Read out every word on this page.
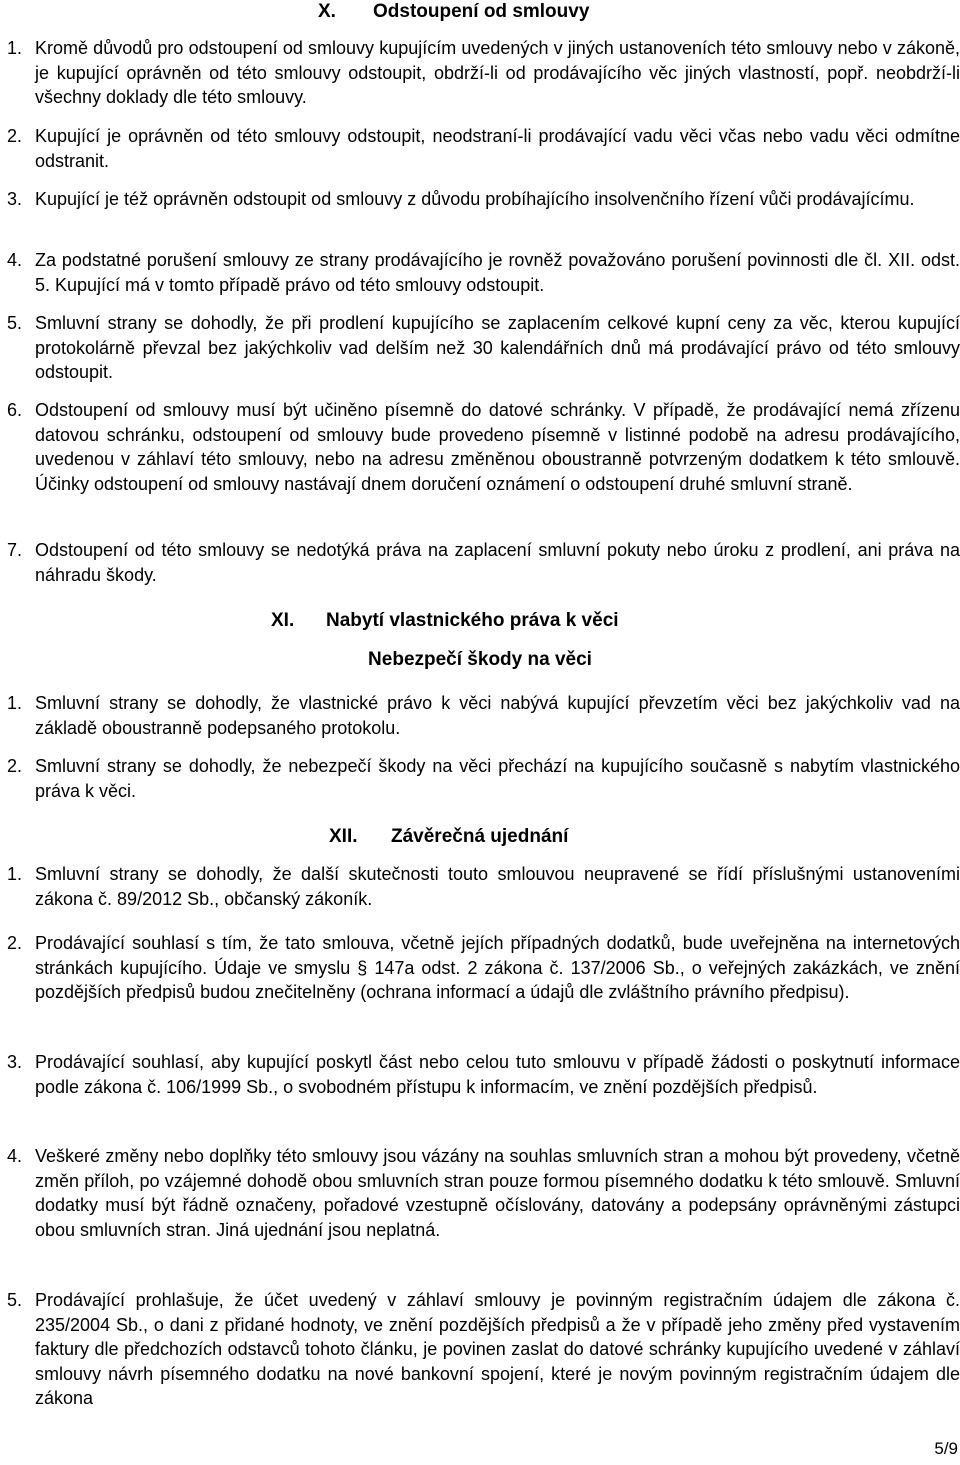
X. Odstoupení od smlouvy
1. Kromě důvodů pro odstoupení od smlouvy kupujícím uvedených v jiných ustanoveních této smlouvy nebo v zákoně, je kupující oprávněn od této smlouvy odstoupit, obdrží-li od prodávajícího věc jiných vlastností, popř. neobdrží-li všechny doklady dle této smlouvy.
2. Kupující je oprávněn od této smlouvy odstoupit, neodstraní-li prodávající vadu věci včas nebo vadu věci odmítne odstranit.
3. Kupující je též oprávněn odstoupit od smlouvy z důvodu probíhajícího insolvenčního řízení vůči prodávajícímu.
4. Za podstatné porušení smlouvy ze strany prodávajícího je rovněž považováno porušení povinnosti dle čl. XII. odst. 5. Kupující má v tomto případě právo od této smlouvy odstoupit.
5. Smluvní strany se dohodly, že při prodlení kupujícího se zaplacením celkové kupní ceny za věc, kterou kupující protokolárně převzal bez jakýchkoliv vad delším než 30 kalendářních dnů má prodávající právo od této smlouvy odstoupit.
6. Odstoupení od smlouvy musí být učiněno písemně do datové schránky. V případě, že prodávající nemá zřízenu datovou schránku, odstoupení od smlouvy bude provedeno písemně v listinné podobě na adresu prodávajícího, uvedenou v záhlaví této smlouvy, nebo na adresu změněnou oboustranně potvrzeným dodatkem k této smlouvě. Účinky odstoupení od smlouvy nastávají dnem doručení oznámení o odstoupení druhé smluvní straně.
7. Odstoupení od této smlouvy se nedotýká práva na zaplacení smluvní pokuty nebo úroku z prodlení, ani práva na náhradu škody.
XI. Nabytí vlastnického práva k věci
Nebezpečí škody na věci
1. Smluvní strany se dohodly, že vlastnické právo k věci nabývá kupující převzetím věci bez jakýchkoliv vad na základě oboustranně podepsaného protokolu.
2. Smluvní strany se dohodly, že nebezpečí škody na věci přechází na kupujícího současně s nabytím vlastnického práva k věci.
XII. Závěrečná ujednání
1. Smluvní strany se dohodly, že další skutečnosti touto smlouvou neupravené se řídí příslušnými ustanoveními zákona č. 89/2012 Sb., občanský zákoník.
2. Prodávající souhlasí s tím, že tato smlouva, včetně jejích případných dodatků, bude uveřejněna na internetových stránkách kupujícího. Údaje ve smyslu § 147a odst. 2 zákona č. 137/2006 Sb., o veřejných zakázkách, ve znění pozdějších předpisů budou znečitelněny (ochrana informací a údajů dle zvláštního právního předpisu).
3. Prodávající souhlasí, aby kupující poskytl část nebo celou tuto smlouvu v případě žádosti o poskytnutí informace podle zákona č. 106/1999 Sb., o svobodném přístupu k informacím, ve znění pozdějších předpisů.
4. Veškeré změny nebo doplňky této smlouvy jsou vázány na souhlas smluvních stran a mohou být provedeny, včetně změn příloh, po vzájemné dohodě obou smluvních stran pouze formou písemného dodatku k této smlouvě. Smluvní dodatky musí být řádně označeny, pořadové vzestupně očíslovány, datovány a podepsány oprávněnými zástupci obou smluvních stran. Jiná ujednání jsou neplatná.
5. Prodávající prohlašuje, že účet uvedený v záhlaví smlouvy je povinným registračním údajem dle zákona č. 235/2004 Sb., o dani z přidané hodnoty, ve znění pozdějších předpisů a že v případě jeho změny před vystavením faktury dle předchozích odstavců tohoto článku, je povinen zaslat do datové schránky kupujícího uvedené v záhlaví smlouvy návrh písemného dodatku na nové bankovní spojení, které je novým povinným registračním údajem dle zákona
5/9
